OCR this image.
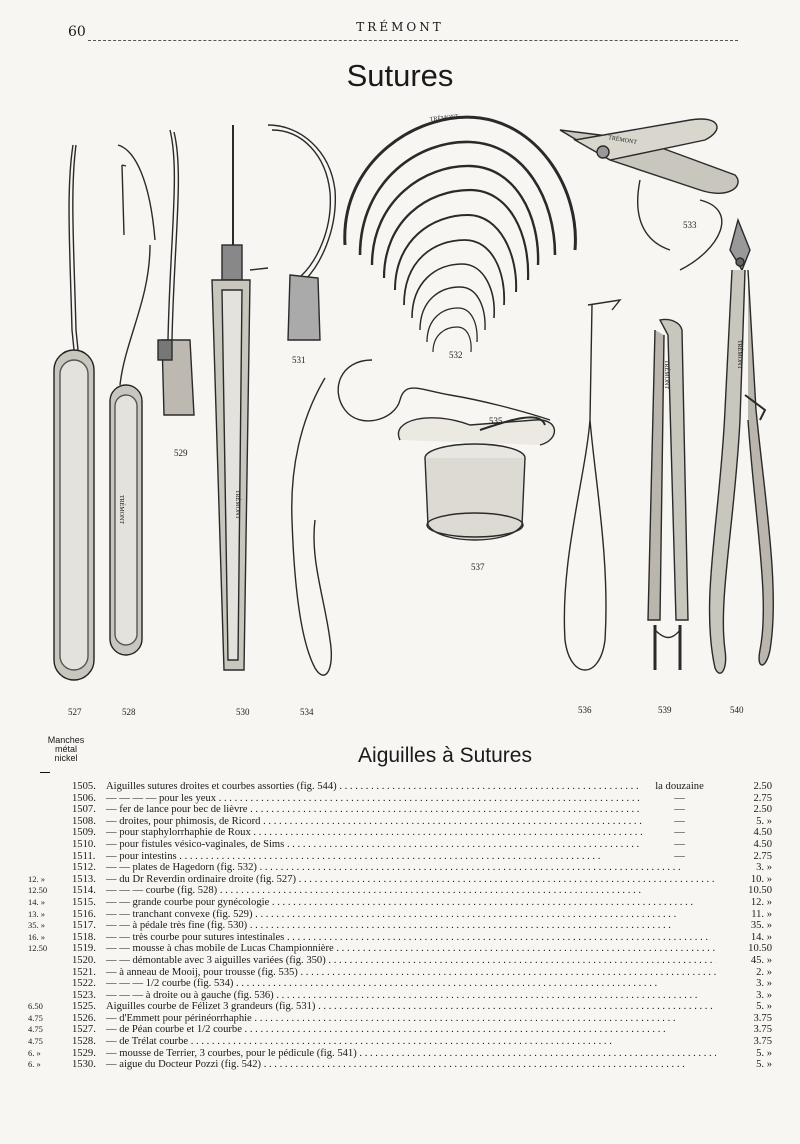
60	TRÉMONT
Sutures
531	532
533
535
529
537
527	528	530	534	536	539	540
TRÉMONT	TRÉMONT
TRÉMONT
TRÉMONT
TRÉMONT
TRÉMONT
Manches
métal
nickel	Aiguilles à Sutures
1505. Aiguilles sutures droites et courbes assorties (fig. 544) . . .	la douzaine	2.50
1506. — — — — pour les yeux . . .	—	2.75
1507. — fer de lance pour bec de lièvre . . .	—	2.50
1508. — droites, pour phimosis, de Ricord . . .	—	5. »
1509. — pour staphylorrhaphie de Roux . . .	—	4.50
1510. — pour fistules vésico-vaginales, de Sims . . .	—	4.50
1511. — pour intestins . . .	—	2.75
1512. — — plates de Hagedorn (fig. 532) . . .	3. »
12. »	1513. — du Dr Reverdin ordinaire droite (fig. 527) . . .	10. »
12.50	1514. — — — courbe (fig. 528) . . .	10.50
14. »	1515. — — grande courbe pour gynécologie . . .	12. »
13. »	1516. — — tranchant convexe (fig. 529) . . .	11. »
35. »	1517. — — à pédale très fine (fig. 530) . . .	35. »
16. »	1518. — — très courbe pour sutures intestinales . . .	14. »
12.50	1519. — — mousse à chas mobile de Lucas Championnière . . .	10.50
1520. — — démontable avec 3 aiguilles variées (fig. 350) . . .	45. »
1521. — à anneau de Mooij, pour trousse (fig. 535) . . .	2. »
1522. — — — 1/2 courbe (fig. 534) . . .	3. »
1523. — — — à droite ou à gauche (fig. 536) . . .	3. »
6.50	1525. Aiguilles courbe de Félizet 3 grandeurs (fig. 531) . . .	5. »
4.75	1526. — d'Emmett pour périnéorrhaphie . . .	3.75
4.75	1527. — de Péan courbe et 1/2 courbe . . .	3.75
4.75	1528. — de Trélat courbe . . .	3.75
6. »	1529. — mousse de Terrier, 3 courbes, pour le pédicule (fig. 541) . . .	5. »
6. »	1530. — aigue du Docteur Pozzi (fig. 542) . . .	5. »
